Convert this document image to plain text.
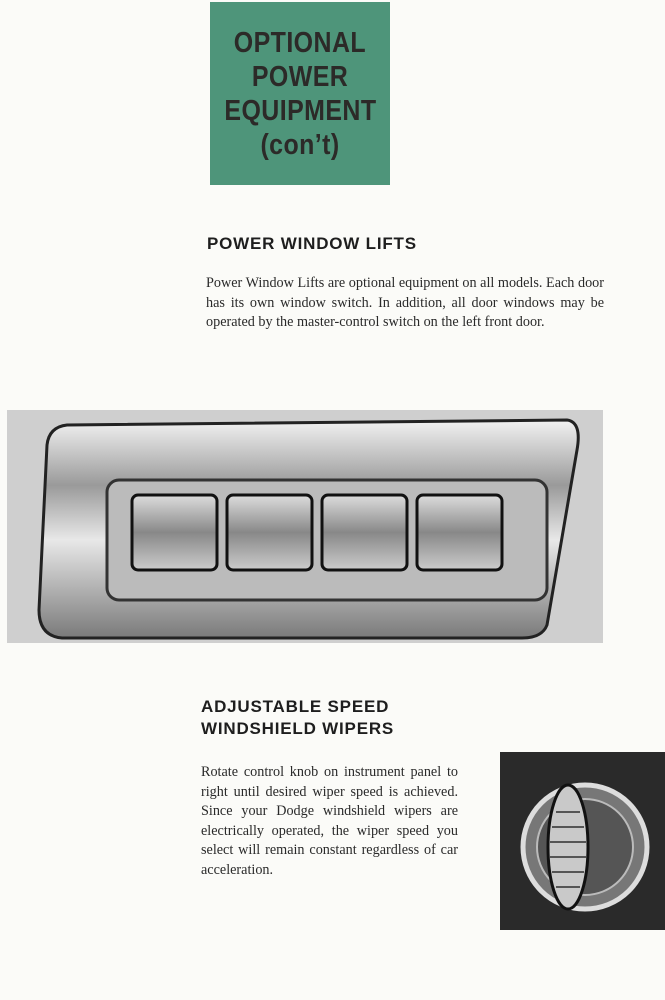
OPTIONAL
POWER
EQUIPMENT
(con’t)
POWER WINDOW LIFTS

Power Window Lifts are optional equipment on all models. Each door has its own window switch. In addition, all door windows may be operated by the master-control switch on the left front door.

ADJUSTABLE SPEED
WINDSHIELD WIPERS

Rotate control knob on instrument panel to right until desired wiper speed is achieved. Since your Dodge windshield wipers are electrically operated, the wiper speed you select will remain constant regardless of car acceleration.
